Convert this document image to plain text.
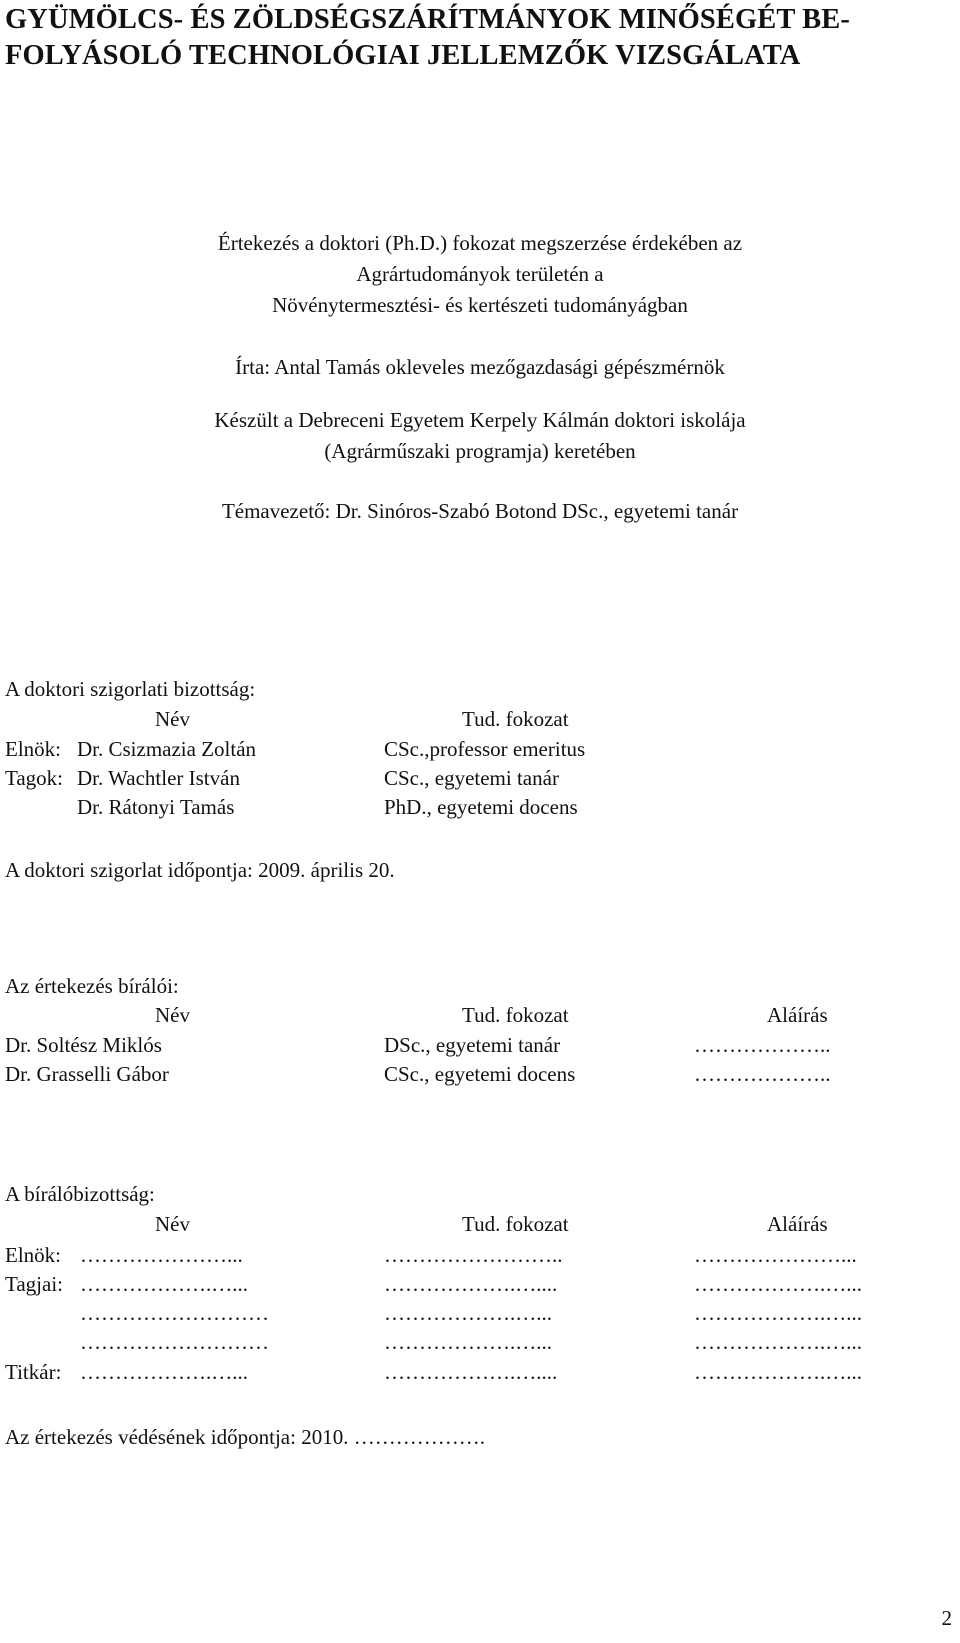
GYÜMÖLCS- ÉS ZÖLDSÉGSZÁRÍTMÁNYOK MINŐSÉGÉT BE-
FOLYÁSOLÓ TECHNOLÓGIAI JELLEMZŐK VIZSGÁLATA
Értekezés a doktori (Ph.D.) fokozat megszerzése érdekében az
Agrártudományok területén a
Növénytermesztési- és kertészeti tudományágban
Írta: Antal Tamás okleveles mezőgazdasági gépészmérnök
Készült a Debreceni Egyetem Kerpely Kálmán doktori iskolája
(Agrárműszaki programja) keretében
Témavezető: Dr. Sinóros-Szabó Botond DSc., egyetemi tanár
A doktori szigorlati bizottság:
Név	Tud. fokozat
Elnök: Dr. Csizmazia Zoltán	CSc.,professor emeritus
Tagok: Dr. Wachtler István	CSc., egyetemi tanár
Dr. Rátonyi Tamás	PhD., egyetemi docens
A doktori szigorlat időpontja: 2009. április 20.
Az értekezés bírálói:
Név	Tud. fokozat	Aláírás
Dr. Soltész Miklós	DSc., egyetemi tanár	………………..
Dr. Grasselli Gábor	CSc., egyetemi docens	………………..
A bírálóbizottság:
Név	Tud. fokozat	Aláírás
Elnök: …………………...	……………………..	…………………...
Tagjai: ……………….…...	……………….…....	……………….…...
………………………	……………….…...	……………….…...
………………………	……………….…...	……………….…...
Titkár: ……………….…...	……………….…....	……………….…...
Az értekezés védésének időpontja: 2010. ……………….
2
